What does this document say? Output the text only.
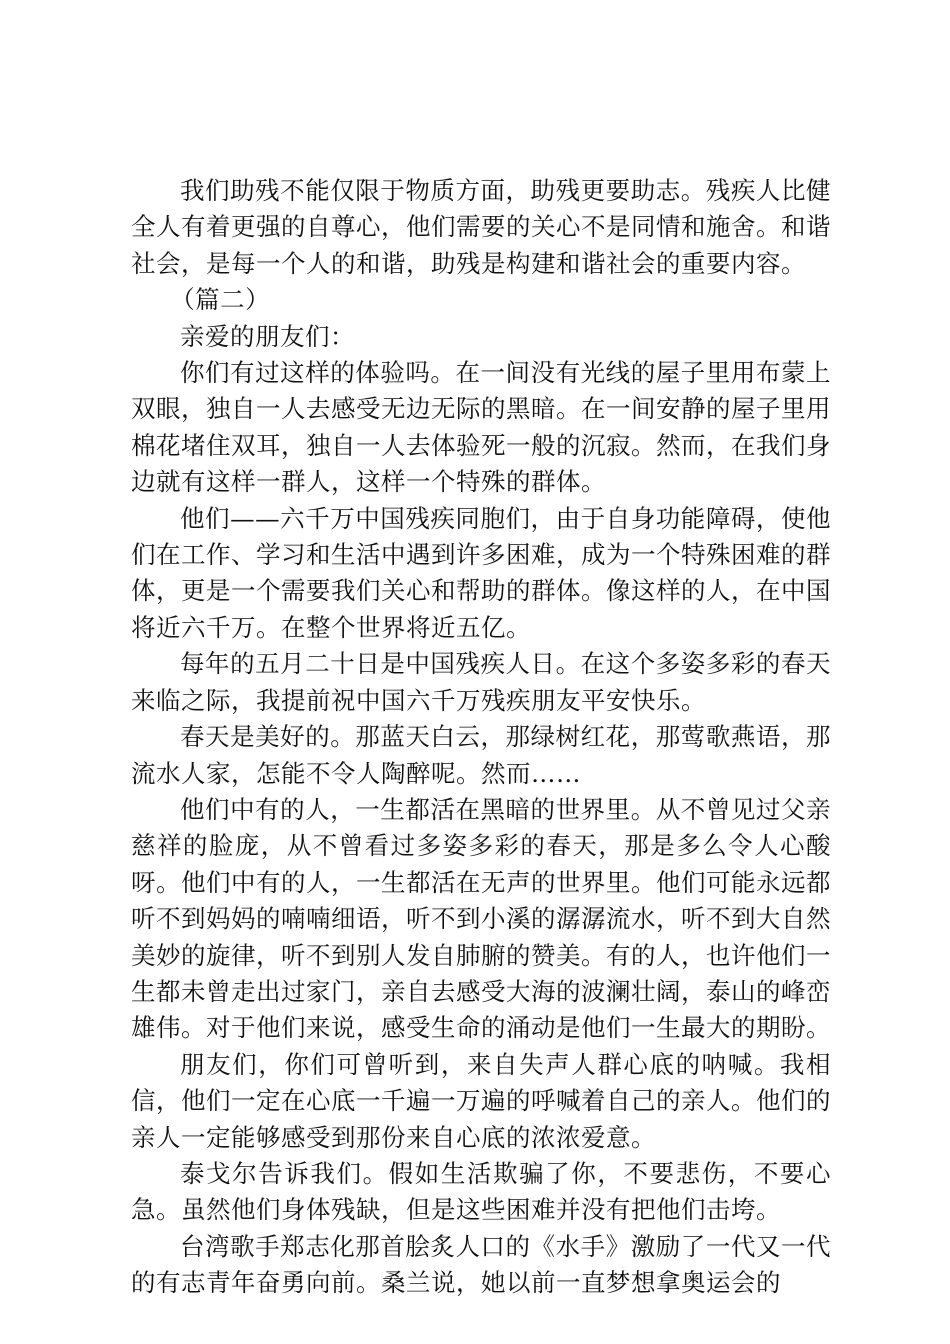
我们助残不能仅限于物质方面，助残更要助志。残疾人比健全人有着更强的自尊心，他们需要的关心不是同情和施舍。和谐社会，是每一个人的和谐，助残是构建和谐社会的重要内容。

（篇二）

亲爱的朋友们：

你们有过这样的体验吗。在一间没有光线的屋子里用布蒙上双眼，独自一人去感受无边无际的黑暗。在一间安静的屋子里用棉花堵住双耳，独自一人去体验死一般的沉寂。然而，在我们身边就有这样一群人，这样一个特殊的群体。

他们——六千万中国残疾同胞们，由于自身功能障碍，使他们在工作、学习和生活中遇到许多困难，成为一个特殊困难的群体，更是一个需要我们关心和帮助的群体。像这样的人，在中国将近六千万。在整个世界将近五亿。

每年的五月二十日是中国残疾人日。在这个多姿多彩的春天来临之际，我提前祝中国六千万残疾朋友平安快乐。

春天是美好的。那蓝天白云，那绿树红花，那莺歌燕语，那流水人家，怎能不令人陶醉呢。然而……

他们中有的人，一生都活在黑暗的世界里。从不曾见过父亲慈祥的脸庞，从不曾看过多姿多彩的春天，那是多么令人心酸呀。他们中有的人，一生都活在无声的世界里。他们可能永远都听不到妈妈的喃喃细语，听不到小溪的潺潺流水，听不到大自然美妙的旋律，听不到别人发自肺腑的赞美。有的人，也许他们一生都未曾走出过家门，亲自去感受大海的波澜壮阔，泰山的峰峦雄伟。对于他们来说，感受生命的涌动是他们一生最大的期盼。

朋友们，你们可曾听到，来自失声人群心底的呐喊。我相信，他们一定在心底一千遍一万遍的呼喊着自己的亲人。他们的亲人一定能够感受到那份来自心底的浓浓爱意。

泰戈尔告诉我们。假如生活欺骗了你，不要悲伤，不要心急。虽然他们身体残缺，但是这些困难并没有把他们击垮。

台湾歌手郑志化那首脍炙人口的《水手》激励了一代又一代的有志青年奋勇向前。桑兰说，她以前一直梦想拿奥运会的
